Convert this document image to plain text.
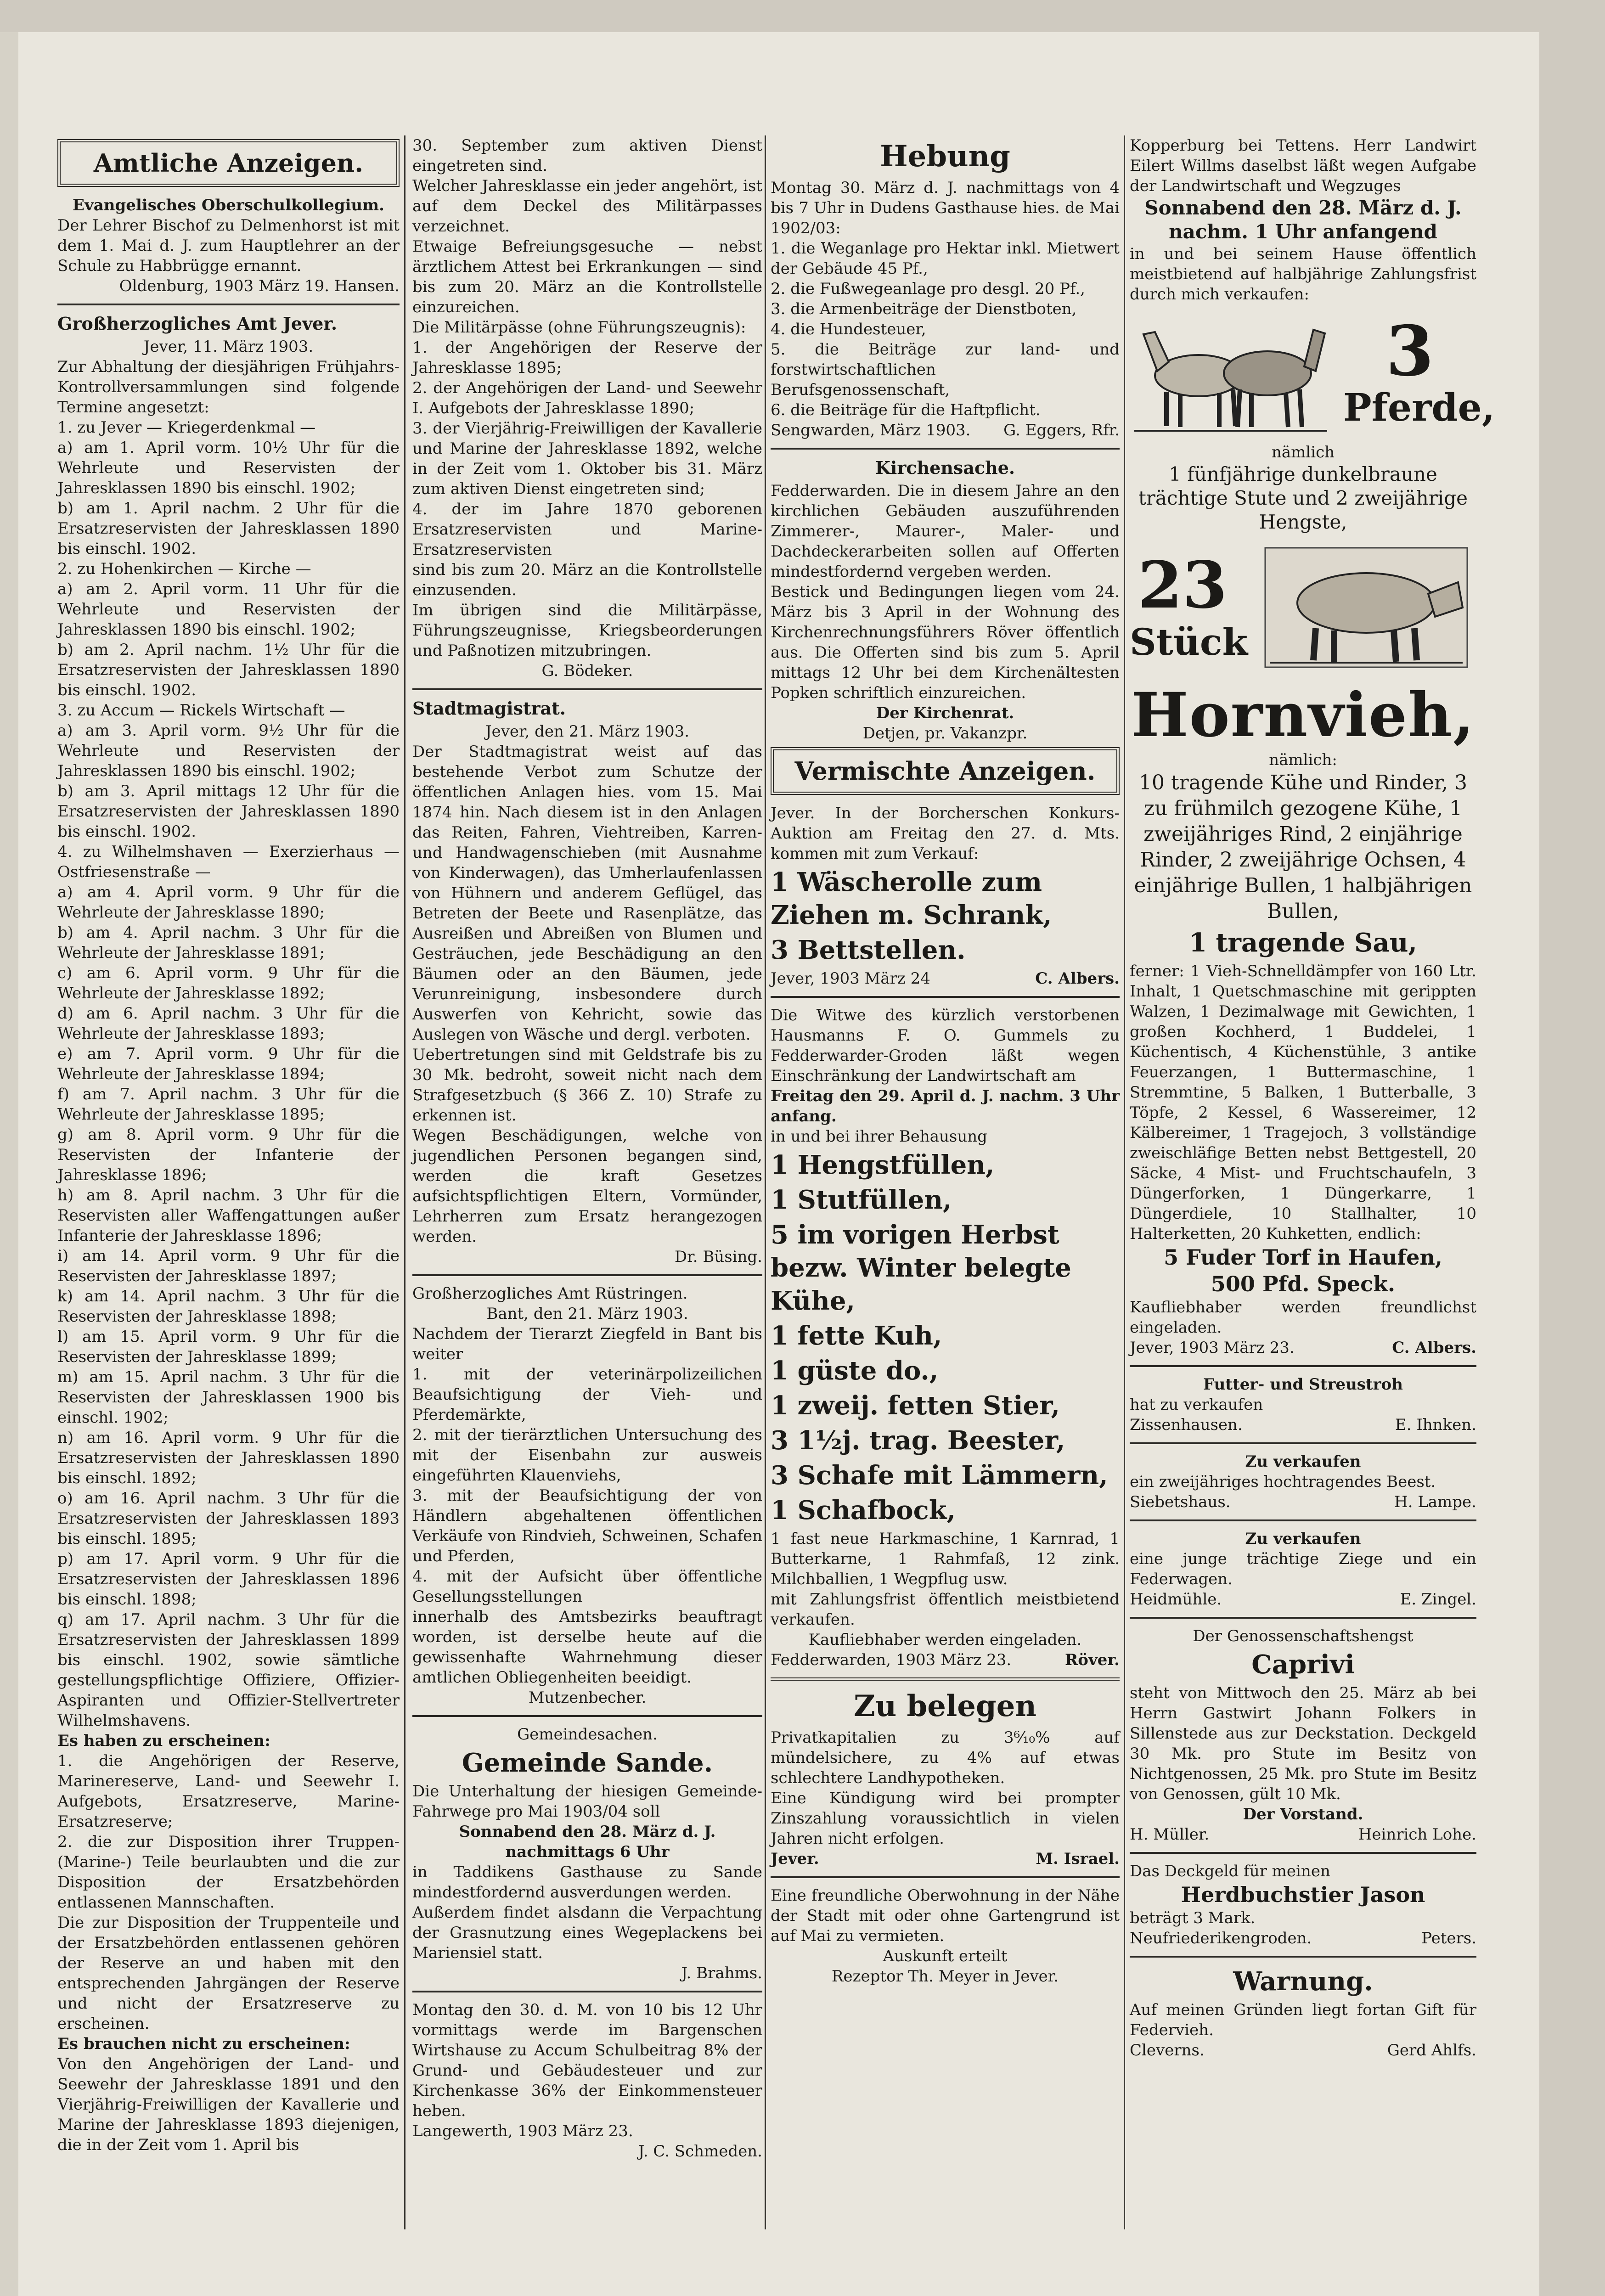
Amtliche Anzeigen.

Evangelisches Oberschulkollegium.

Der Lehrer Bischof zu Delmenhorst ist mit dem 1. Mai d. J. zum Hauptlehrer an der Schule zu Habbrügge ernannt.

Oldenburg, 1903 März 19. Hansen.

Großherzogliches Amt Jever.

Jever, 11. März 1903.

Zur Abhaltung der diesjährigen Frühjahrs-Kontrollversammlungen sind folgende Termine angesetzt:

1. zu Jever — Kriegerdenkmal —

a) am 1. April vorm. 10½ Uhr für die Wehrleute und Reservisten der Jahresklassen 1890 bis einschl. 1902;

b) am 1. April nachm. 2 Uhr für die Ersatzreservisten der Jahresklassen 1890 bis einschl. 1902.

2. zu Hohenkirchen — Kirche —

a) am 2. April vorm. 11 Uhr für die Wehrleute und Reservisten der Jahresklassen 1890 bis einschl. 1902;

b) am 2. April nachm. 1½ Uhr für die Ersatzreservisten der Jahresklassen 1890 bis einschl. 1902.

3. zu Accum — Rickels Wirtschaft —

a) am 3. April vorm. 9½ Uhr für die Wehrleute und Reservisten der Jahresklassen 1890 bis einschl. 1902;

b) am 3. April mittags 12 Uhr für die Ersatzreservisten der Jahresklassen 1890 bis einschl. 1902.

4. zu Wilhelmshaven — Exerzierhaus — Ostfriesenstraße —

a) am 4. April vorm. 9 Uhr für die Wehrleute der Jahresklasse 1890;

b) am 4. April nachm. 3 Uhr für die Wehrleute der Jahresklasse 1891;

c) am 6. April vorm. 9 Uhr für die Wehrleute der Jahresklasse 1892;

d) am 6. April nachm. 3 Uhr für die Wehrleute der Jahresklasse 1893;

e) am 7. April vorm. 9 Uhr für die Wehrleute der Jahresklasse 1894;

f) am 7. April nachm. 3 Uhr für die Wehrleute der Jahresklasse 1895;

g) am 8. April vorm. 9 Uhr für die Reservisten der Infanterie der Jahresklasse 1896;

h) am 8. April nachm. 3 Uhr für die Reservisten aller Waffengattungen außer Infanterie der Jahresklasse 1896;

i) am 14. April vorm. 9 Uhr für die Reservisten der Jahresklasse 1897;

k) am 14. April nachm. 3 Uhr für die Reservisten der Jahresklasse 1898;

l) am 15. April vorm. 9 Uhr für die Reservisten der Jahresklasse 1899;

m) am 15. April nachm. 3 Uhr für die Reservisten der Jahresklassen 1900 bis einschl. 1902;

n) am 16. April vorm. 9 Uhr für die Ersatzreservisten der Jahresklassen 1890 bis einschl. 1892;

o) am 16. April nachm. 3 Uhr für die Ersatzreservisten der Jahresklassen 1893 bis einschl. 1895;

p) am 17. April vorm. 9 Uhr für die Ersatzreservisten der Jahresklassen 1896 bis einschl. 1898;

q) am 17. April nachm. 3 Uhr für die Ersatzreservisten der Jahresklassen 1899 bis einschl. 1902, sowie sämtliche gestellungspflichtige Offiziere, Offizier-Aspiranten und Offizier-Stellvertreter Wilhelmshavens.

Es haben zu erscheinen:

1. die Angehörigen der Reserve, Marinereserve, Land- und Seewehr I. Aufgebots, Ersatzreserve, Marine-Ersatzreserve;

2. die zur Disposition ihrer Truppen- (Marine-) Teile beurlaubten und die zur Disposition der Ersatzbehörden entlassenen Mannschaften.

Die zur Disposition der Truppenteile und der Ersatzbehörden entlassenen gehören der Reserve an und haben mit den entsprechenden Jahrgängen der Reserve und nicht der Ersatzreserve zu erscheinen.

Es brauchen nicht zu erscheinen:

Von den Angehörigen der Land- und Seewehr der Jahresklasse 1891 und den Vierjährig-Freiwilligen der Kavallerie und Marine der Jahresklasse 1893 diejenigen, die in der Zeit vom 1. April bis

30. September zum aktiven Dienst eingetreten sind.

Welcher Jahresklasse ein jeder angehört, ist auf dem Deckel des Militärpasses verzeichnet.

Etwaige Befreiungsgesuche — nebst ärztlichem Attest bei Erkrankungen — sind bis zum 20. März an die Kontrollstelle einzureichen.

Die Militärpässe (ohne Führungszeugnis):

1. der Angehörigen der Reserve der Jahresklasse 1895;

2. der Angehörigen der Land- und Seewehr I. Aufgebots der Jahresklasse 1890;

3. der Vierjährig-Freiwilligen der Kavallerie und Marine der Jahresklasse 1892, welche in der Zeit vom 1. Oktober bis 31. März zum aktiven Dienst eingetreten sind;

4. der im Jahre 1870 geborenen Ersatzreservisten und Marine-Ersatzreservisten

sind bis zum 20. März an die Kontrollstelle einzusenden.

Im übrigen sind die Militärpässe, Führungszeugnisse, Kriegsbeorderungen und Paßnotizen mitzubringen.

G. Bödeker.

Stadtmagistrat.

Jever, den 21. März 1903.

Der Stadtmagistrat weist auf das bestehende Verbot zum Schutze der öffentlichen Anlagen hies. vom 15. Mai 1874 hin. Nach diesem ist in den Anlagen das Reiten, Fahren, Viehtreiben, Karren- und Handwagenschieben (mit Ausnahme von Kinderwagen), das Umherlaufenlassen von Hühnern und anderem Geflügel, das Betreten der Beete und Rasenplätze, das Ausreißen und Abreißen von Blumen und Gesträuchen, jede Beschädigung an den Bäumen oder an den Bäumen, jede Verunreinigung, insbesondere durch Auswerfen von Kehricht, sowie das Auslegen von Wäsche und dergl. verboten.

Uebertretungen sind mit Geldstrafe bis zu 30 Mk. bedroht, soweit nicht nach dem Strafgesetzbuch (§ 366 Z. 10) Strafe zu erkennen ist.

Wegen Beschädigungen, welche von jugendlichen Personen begangen sind, werden die kraft Gesetzes aufsichtspflichtigen Eltern, Vormünder, Lehrherren zum Ersatz herangezogen werden.

Dr. Büsing.

Großherzogliches Amt Rüstringen.

Bant, den 21. März 1903.

Nachdem der Tierarzt Ziegfeld in Bant bis weiter

1. mit der veterinärpolizeilichen Beaufsichtigung der Vieh- und Pferdemärkte,

2. mit der tierärztlichen Untersuchung des mit der Eisenbahn zur ausweis eingeführten Klauenviehs,

3. mit der Beaufsichtigung der von Händlern abgehaltenen öffentlichen Verkäufe von Rindvieh, Schweinen, Schafen und Pferden,

4. mit der Aufsicht über öffentliche Gesellungsstellungen

innerhalb des Amtsbezirks beauftragt worden, ist derselbe heute auf die gewissenhafte Wahrnehmung dieser amtlichen Obliegenheiten beeidigt.

Mutzenbecher.

Gemeindesachen.

Gemeinde Sande.

Die Unterhaltung der hiesigen Gemeinde-Fahrwege pro Mai 1903/04 soll

Sonnabend den 28. März d. J. nachmittags 6 Uhr

in Taddikens Gasthause zu Sande mindestfordernd ausverdungen werden.

Außerdem findet alsdann die Verpachtung der Grasnutzung eines Wegeplackens bei Mariensiel statt.

J. Brahms.

Montag den 30. d. M. von 10 bis 12 Uhr vormittags werde im Bargenschen Wirtshause zu Accum Schulbeitrag 8% der Grund- und Gebäudesteuer und zur Kirchenkasse 36% der Einkommensteuer heben.

Langewerth, 1903 März 23.

J. C. Schmeden.

Hebung

Montag 30. März d. J. nachmittags von 4 bis 7 Uhr in Dudens Gasthause hies. de Mai 1902/03:

1. die Weganlage pro Hektar inkl. Mietwert der Gebäude 45 Pf.,

2. die Fußwegeanlage pro desgl. 20 Pf.,

3. die Armenbeiträge der Dienstboten,

4. die Hundesteuer,

5. die Beiträge zur land- und forstwirtschaftlichen Berufsgenossenschaft,

6. die Beiträge für die Haftpflicht.

Sengwarden, März 1903. G. Eggers, Rfr.

Kirchensache.

Fedderwarden. Die in diesem Jahre an den kirchlichen Gebäuden auszuführenden Zimmerer-, Maurer-, Maler- und Dachdeckerarbeiten sollen auf Offerten mindestfordernd vergeben werden.

Bestick und Bedingungen liegen vom 24. März bis 3 April in der Wohnung des Kirchenrechnungsführers Röver öffentlich aus. Die Offerten sind bis zum 5. April mittags 12 Uhr bei dem Kirchenältesten Popken schriftlich einzureichen.

Der Kirchenrat.

Detjen, pr. Vakanzpr.

Vermischte Anzeigen.

Jever. In der Borcherschen Konkurs-Auktion am Freitag den 27. d. Mts. kommen mit zum Verkauf:

1 Wäscherolle zum Ziehen m. Schrank,

3 Bettstellen.

Jever, 1903 März 24	C. Albers.

Die Witwe des kürzlich verstorbenen Hausmanns F. O. Gummels zu Fedderwarder-Groden läßt wegen Einschränkung der Landwirtschaft am

Freitag den 29. April d. J. nachm. 3 Uhr anfang.

in und bei ihrer Behausung

1 Hengstfüllen,

1 Stutfüllen,

5 im vorigen Herbst bezw. Winter belegte Kühe,

1 fette Kuh,

1 güste do.,

1 zweij. fetten Stier,

3 1½j. trag. Beester,

3 Schafe mit Lämmern,

1 Schafbock,

1 fast neue Harkmaschine, 1 Karnrad, 1 Butterkarne, 1 Rahmfaß, 12 zink. Milchballien, 1 Wegpflug usw.

mit Zahlungsfrist öffentlich meistbietend verkaufen.

Kaufliebhaber werden eingeladen.

Fedderwarden, 1903 März 23.	Röver.

Zu belegen

Privatkapitalien zu 3⁶⁄₁₀% auf mündelsichere, zu 4% auf etwas schlechtere Landhypotheken.

Eine Kündigung wird bei prompter Zinszahlung voraussichtlich in vielen Jahren nicht erfolgen.

Jever.	M. Israel.

Eine freundliche Oberwohnung in der Nähe der Stadt mit oder ohne Gartengrund ist auf Mai zu vermieten.

Auskunft erteilt

Rezeptor Th. Meyer in Jever.

Kopperburg bei Tettens. Herr Landwirt Eilert Willms daselbst läßt wegen Aufgabe der Landwirtschaft und Wegzuges

Sonnabend den 28. März d. J. nachm. 1 Uhr anfangend

in und bei seinem Hause öffentlich meistbietend auf halbjährige Zahlungsfrist durch mich verkaufen:

3
Pferde,

nämlich

1 fünfjährige dunkelbraune trächtige Stute und 2 zweijährige Hengste,

23
Stück
Hornvieh,

nämlich:

10 tragende Kühe und Rinder, 3 zu frühmilch gezogene Kühe, 1 zweijähriges Rind, 2 einjährige Rinder, 2 zweijährige Ochsen, 4 einjährige Bullen, 1 halbjährigen Bullen,

1 tragende Sau,

ferner: 1 Vieh-Schnelldämpfer von 160 Ltr. Inhalt, 1 Quetschmaschine mit gerippten Walzen, 1 Dezimalwage mit Gewichten, 1 großen Kochherd, 1 Buddelei, 1 Küchentisch, 4 Küchenstühle, 3 antike Feuerzangen, 1 Buttermaschine, 1 Stremmtine, 5 Balken, 1 Butterballe, 3 Töpfe, 2 Kessel, 6 Wassereimer, 12 Kälbereimer, 1 Tragejoch, 3 vollständige zweischläfige Betten nebst Bettgestell, 20 Säcke, 4 Mist- und Fruchtschaufeln, 3 Düngerforken, 1 Düngerkarre, 1 Düngerdiele, 10 Stallhalter, 10 Halterketten, 20 Kuhketten, endlich:

5 Fuder Torf in Haufen,

500 Pfd. Speck.

Kaufliebhaber werden freundlichst eingeladen.

Jever, 1903 März 23.	C. Albers.

Futter- und Streustroh

hat zu verkaufen

Zissenhausen.	E. Ihnken.

Zu verkaufen

ein zweijähriges hochtragendes Beest.

Siebetshaus.	H. Lampe.

Zu verkaufen

eine junge trächtige Ziege und ein Federwagen.

Heidmühle.	E. Zingel.

Der Genossenschaftshengst

Caprivi

steht von Mittwoch den 25. März ab bei Herrn Gastwirt Johann Folkers in Sillenstede aus zur Deckstation. Deckgeld 30 Mk. pro Stute im Besitz von Nichtgenossen, 25 Mk. pro Stute im Besitz von Genossen, gült 10 Mk.

Der Vorstand.

H. Müller.	Heinrich Lohe.

Das Deckgeld für meinen

Herdbuchstier Jason

beträgt 3 Mark.

Neufriederikengroden.	Peters.

Warnung.

Auf meinen Gründen liegt fortan Gift für Federvieh.

Cleverns.	Gerd Ahlfs.
